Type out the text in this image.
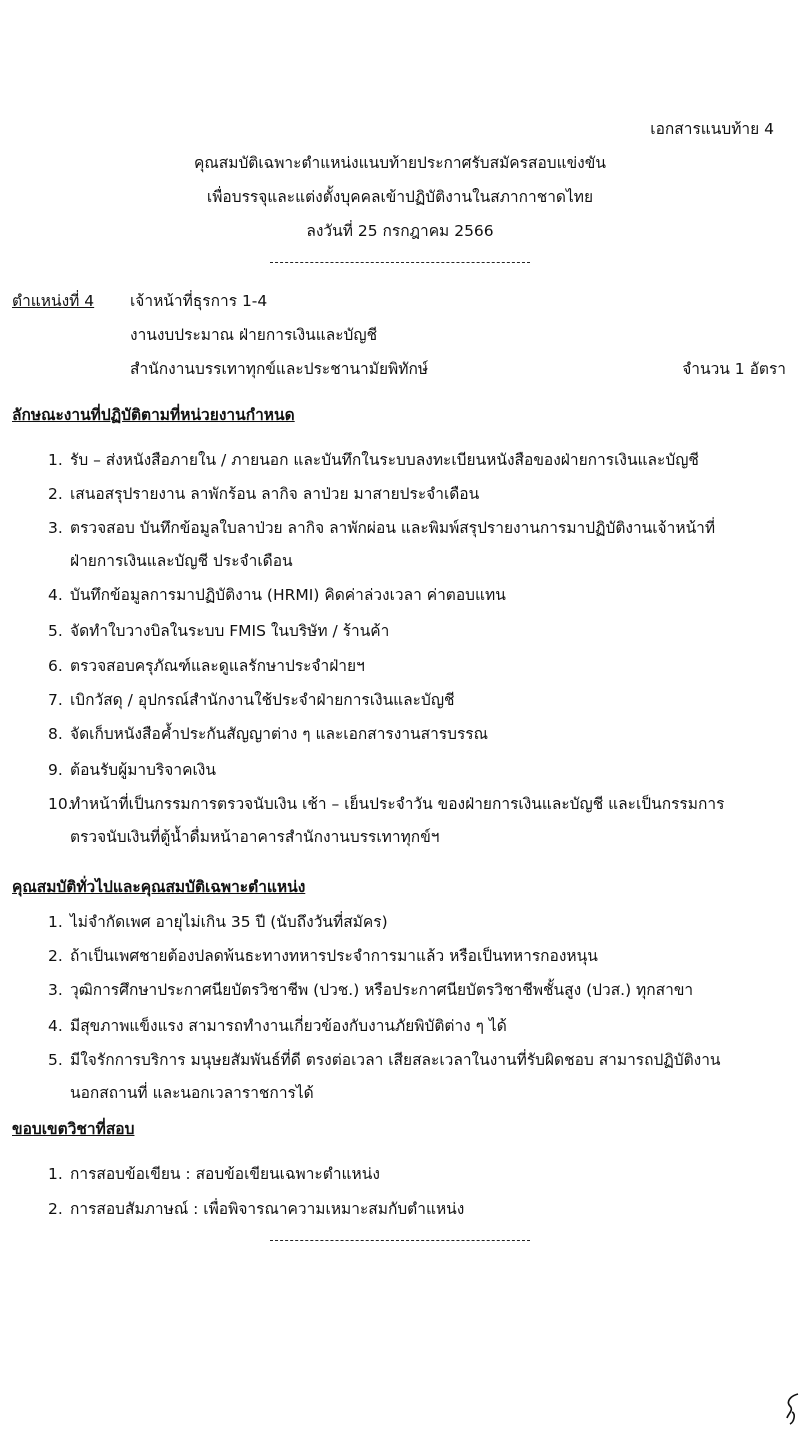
เอกสารแนบท้าย 4
คุณสมบัติเฉพาะตำแหน่งแนบท้ายประกาศรับสมัครสอบแข่งขัน
เพื่อบรรจุและแต่งตั้งบุคคลเข้าปฏิบัติงานในสภากาชาดไทย
ลงวันที่ 25 กรกฎาคม 2566
ตำแหน่งที่ 4 เจ้าหน้าที่ธุรการ 1-4
งานงบประมาณ ฝ่ายการเงินและบัญชี
สำนักงานบรรเทาทุกข์และประชานามัยพิทักษ์	จำนวน 1 อัตรา
ลักษณะงานที่ปฏิบัติตามที่หน่วยงานกำหนด
1. รับ – ส่งหนังสือภายใน / ภายนอก และบันทึกในระบบลงทะเบียนหนังสือของฝ่ายการเงินและบัญชี
2. เสนอสรุปรายงาน ลาพักร้อน ลากิจ ลาป่วย มาสายประจำเดือน
3. ตรวจสอบ บันทึกข้อมูลใบลาป่วย ลากิจ ลาพักผ่อน และพิมพ์สรุปรายงานการมาปฏิบัติงานเจ้าหน้าที่
ฝ่ายการเงินและบัญชี ประจำเดือน
4. บันทึกข้อมูลการมาปฏิบัติงาน (HRMI) คิดค่าล่วงเวลา ค่าตอบแทน
5. จัดทำใบวางบิลในระบบ FMIS ในบริษัท / ร้านค้า
6. ตรวจสอบครุภัณฑ์และดูแลรักษาประจำฝ่ายฯ
7. เบิกวัสดุ / อุปกรณ์สำนักงานใช้ประจำฝ่ายการเงินและบัญชี
8. จัดเก็บหนังสือค้ำประกันสัญญาต่าง ๆ และเอกสารงานสารบรรณ
9. ต้อนรับผู้มาบริจาคเงิน
10.ทำหน้าที่เป็นกรรมการตรวจนับเงิน เช้า – เย็นประจำวัน ของฝ่ายการเงินและบัญชี และเป็นกรรมการ
ตรวจนับเงินที่ตู้น้ำดื่มหน้าอาคารสำนักงานบรรเทาทุกข์ฯ
คุณสมบัติทั่วไปและคุณสมบัติเฉพาะตำแหน่ง
1. ไม่จำกัดเพศ อายุไม่เกิน 35 ปี (นับถึงวันที่สมัคร)
2. ถ้าเป็นเพศชายต้องปลดพ้นธะทางทหารประจำการมาแล้ว หรือเป็นทหารกองหนุน
3. วุฒิการศึกษาประกาศนียบัตรวิชาชีพ (ปวช.) หรือประกาศนียบัตรวิชาชีพชั้นสูง (ปวส.) ทุกสาขา
4. มีสุขภาพแข็งแรง สามารถทำงานเกี่ยวข้องกับงานภัยพิบัติต่าง ๆ ได้
5. มีใจรักการบริการ มนุษยสัมพันธ์ที่ดี ตรงต่อเวลา เสียสละเวลาในงานที่รับผิดชอบ สามารถปฏิบัติงาน
นอกสถานที่ และนอกเวลาราชการได้
ขอบเขตวิชาที่สอบ
1. การสอบข้อเขียน : สอบข้อเขียนเฉพาะตำแหน่ง
2. การสอบสัมภาษณ์ : เพื่อพิจารณาความเหมาะสมกับตำแหน่ง
